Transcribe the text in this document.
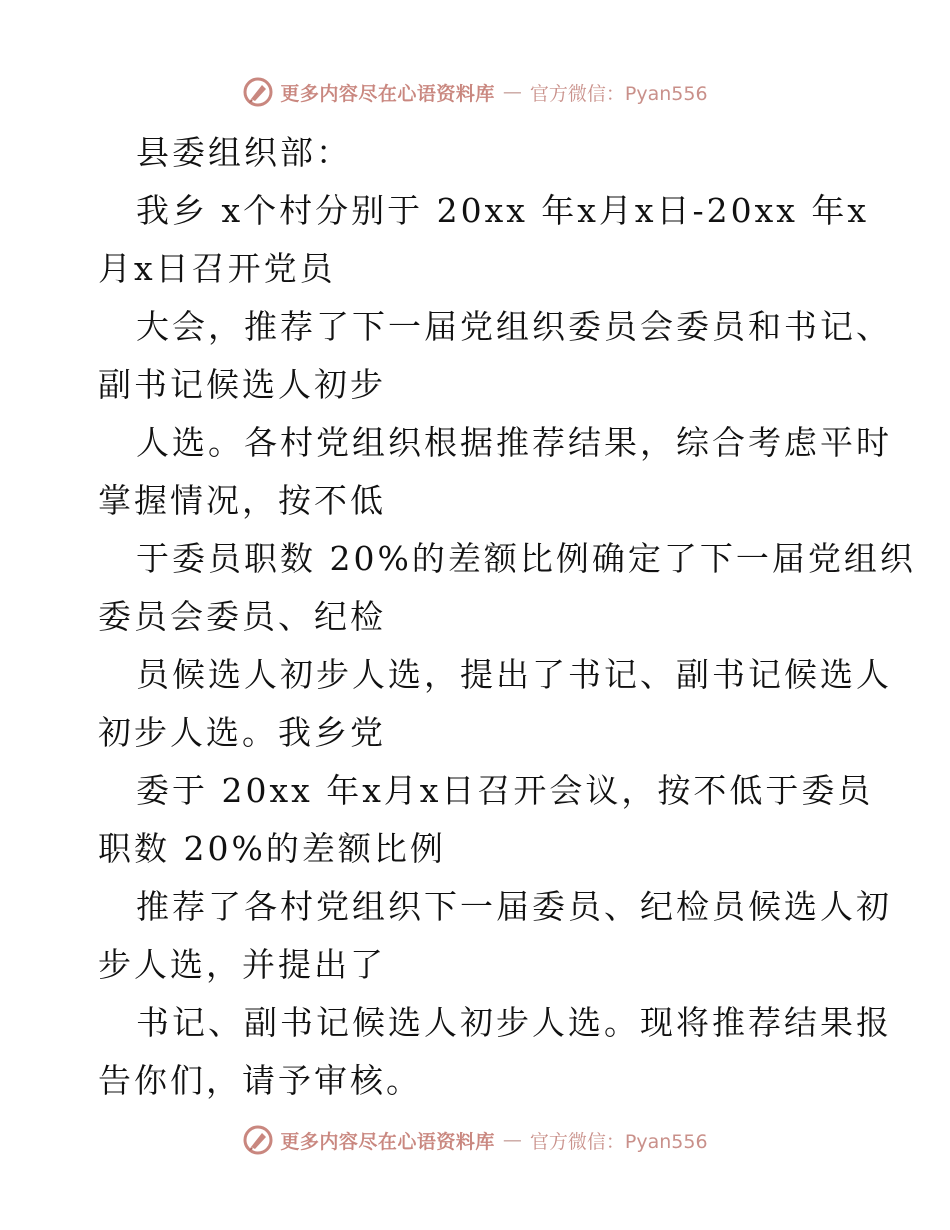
更多内容尽在心语资料库 — 官方微信：Pyan556
县委组织部：
我乡 x个村分别于 20xx 年x月x日-20xx 年x
月x日召开党员
大会，推荐了下一届党组织委员会委员和书记、
副书记候选人初步
人选。各村党组织根据推荐结果，综合考虑平时
掌握情况，按不低
于委员职数 20%的差额比例确定了下一届党组织
委员会委员、纪检
员候选人初步人选，提出了书记、副书记候选人
初步人选。我乡党
委于 20xx 年x月x日召开会议，按不低于委员
职数 20%的差额比例
推荐了各村党组织下一届委员、纪检员候选人初
步人选，并提出了
书记、副书记候选人初步人选。现将推荐结果报
告你们，请予审核。
更多内容尽在心语资料库 — 官方微信：Pyan556
